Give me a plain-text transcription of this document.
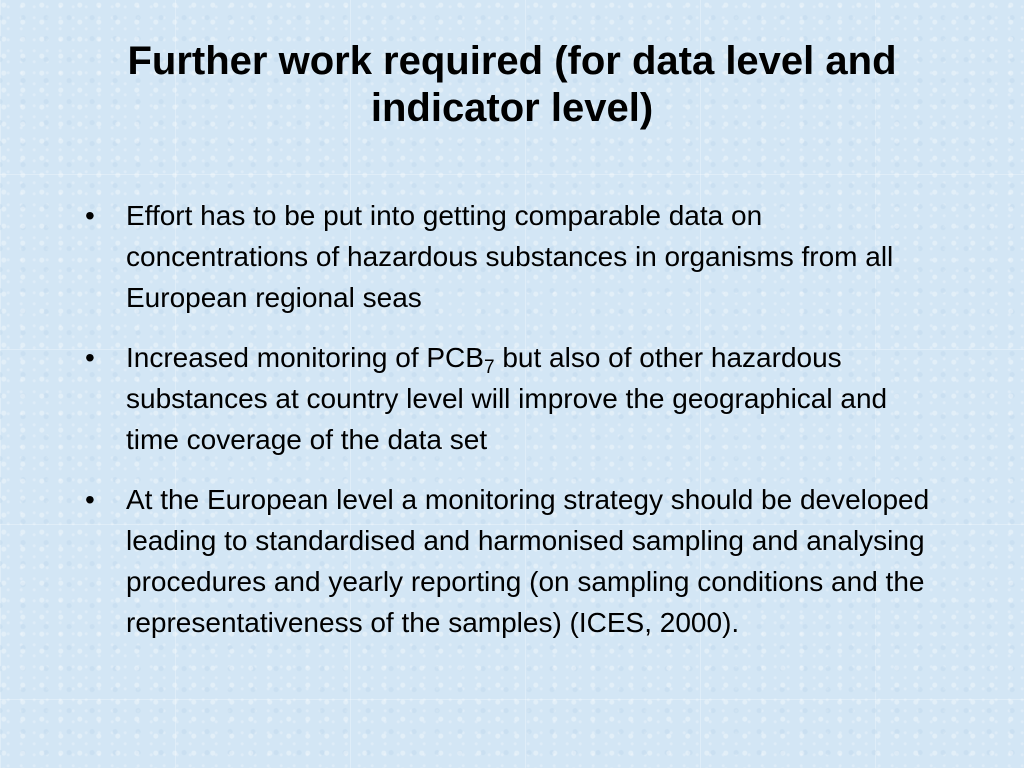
Further work required (for data level and indicator level)
•	Effort has to be put into getting comparable data on concentrations of hazardous substances in organisms from all European regional seas
•	Increased monitoring of $PCB_7$ but also of other hazardous substances at country level will improve the geographical and time coverage of the data set
•	At the European level a monitoring strategy should be developed leading to standardised and harmonised sampling and analysing procedures and yearly reporting (on sampling conditions and the representativeness of the samples) (ICES, 2000).
